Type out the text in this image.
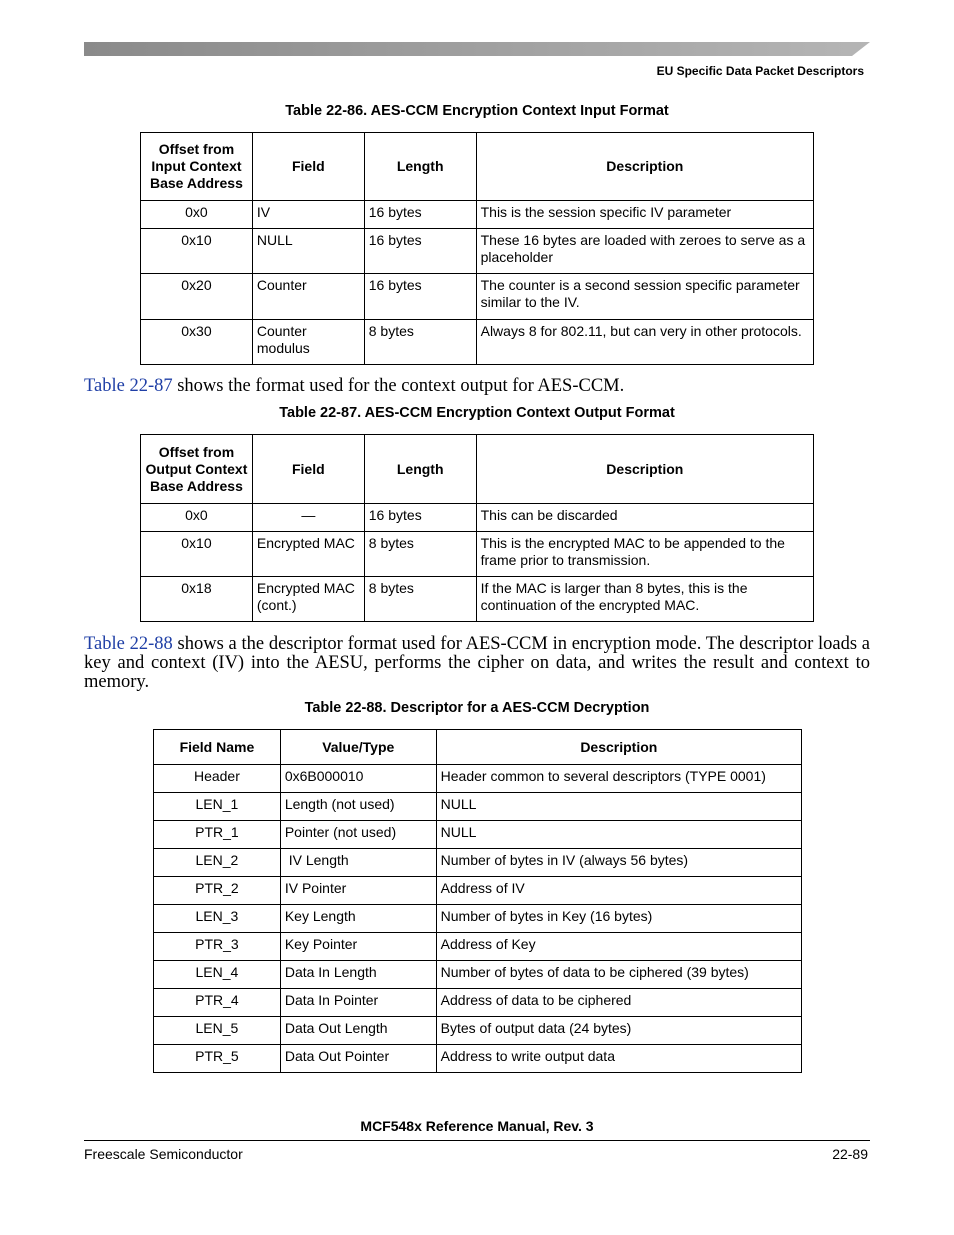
EU Specific Data Packet Descriptors
Table 22-86. AES-CCM Encryption Context Input Format
Offset from Input Context Base Address	Field	Length	Description
0x0	IV	16 bytes	This is the session specific IV parameter
0x10	NULL	16 bytes	These 16 bytes are loaded with zeroes to serve as a placeholder
0x20	Counter	16 bytes	The counter is a second session specific parameter similar to the IV.
0x30	Counter modulus	8 bytes	Always 8 for 802.11, but can very in other protocols.
Table 22-87 shows the format used for the context output for AES-CCM.
Table 22-87. AES-CCM Encryption Context Output Format
Offset from Output Context Base Address	Field	Length	Description
0x0	—	16 bytes	This can be discarded
0x10	Encrypted MAC	8 bytes	This is the encrypted MAC to be appended to the frame prior to transmission.
0x18	Encrypted MAC (cont.)	8 bytes	If the MAC is larger than 8 bytes, this is the continuation of the encrypted MAC.
Table 22-88 shows a the descriptor format used for AES-CCM in encryption mode. The descriptor loads a key and context (IV) into the AESU, performs the cipher on data, and writes the result and context to memory.
Table 22-88. Descriptor for a AES-CCM Decryption
Field Name	Value/Type	Description
Header	0x6B000010	Header common to several descriptors (TYPE 0001)
LEN_1	Length (not used)	NULL
PTR_1	Pointer (not used)	NULL
LEN_2	IV Length	Number of bytes in IV (always 56 bytes)
PTR_2	IV Pointer	Address of IV
LEN_3	Key Length	Number of bytes in Key (16 bytes)
PTR_3	Key Pointer	Address of Key
LEN_4	Data In Length	Number of bytes of data to be ciphered (39 bytes)
PTR_4	Data In Pointer	Address of data to be ciphered
LEN_5	Data Out Length	Bytes of output data (24 bytes)
PTR_5	Data Out Pointer	Address to write output data
MCF548x Reference Manual, Rev. 3
Freescale Semiconductor	22-89
